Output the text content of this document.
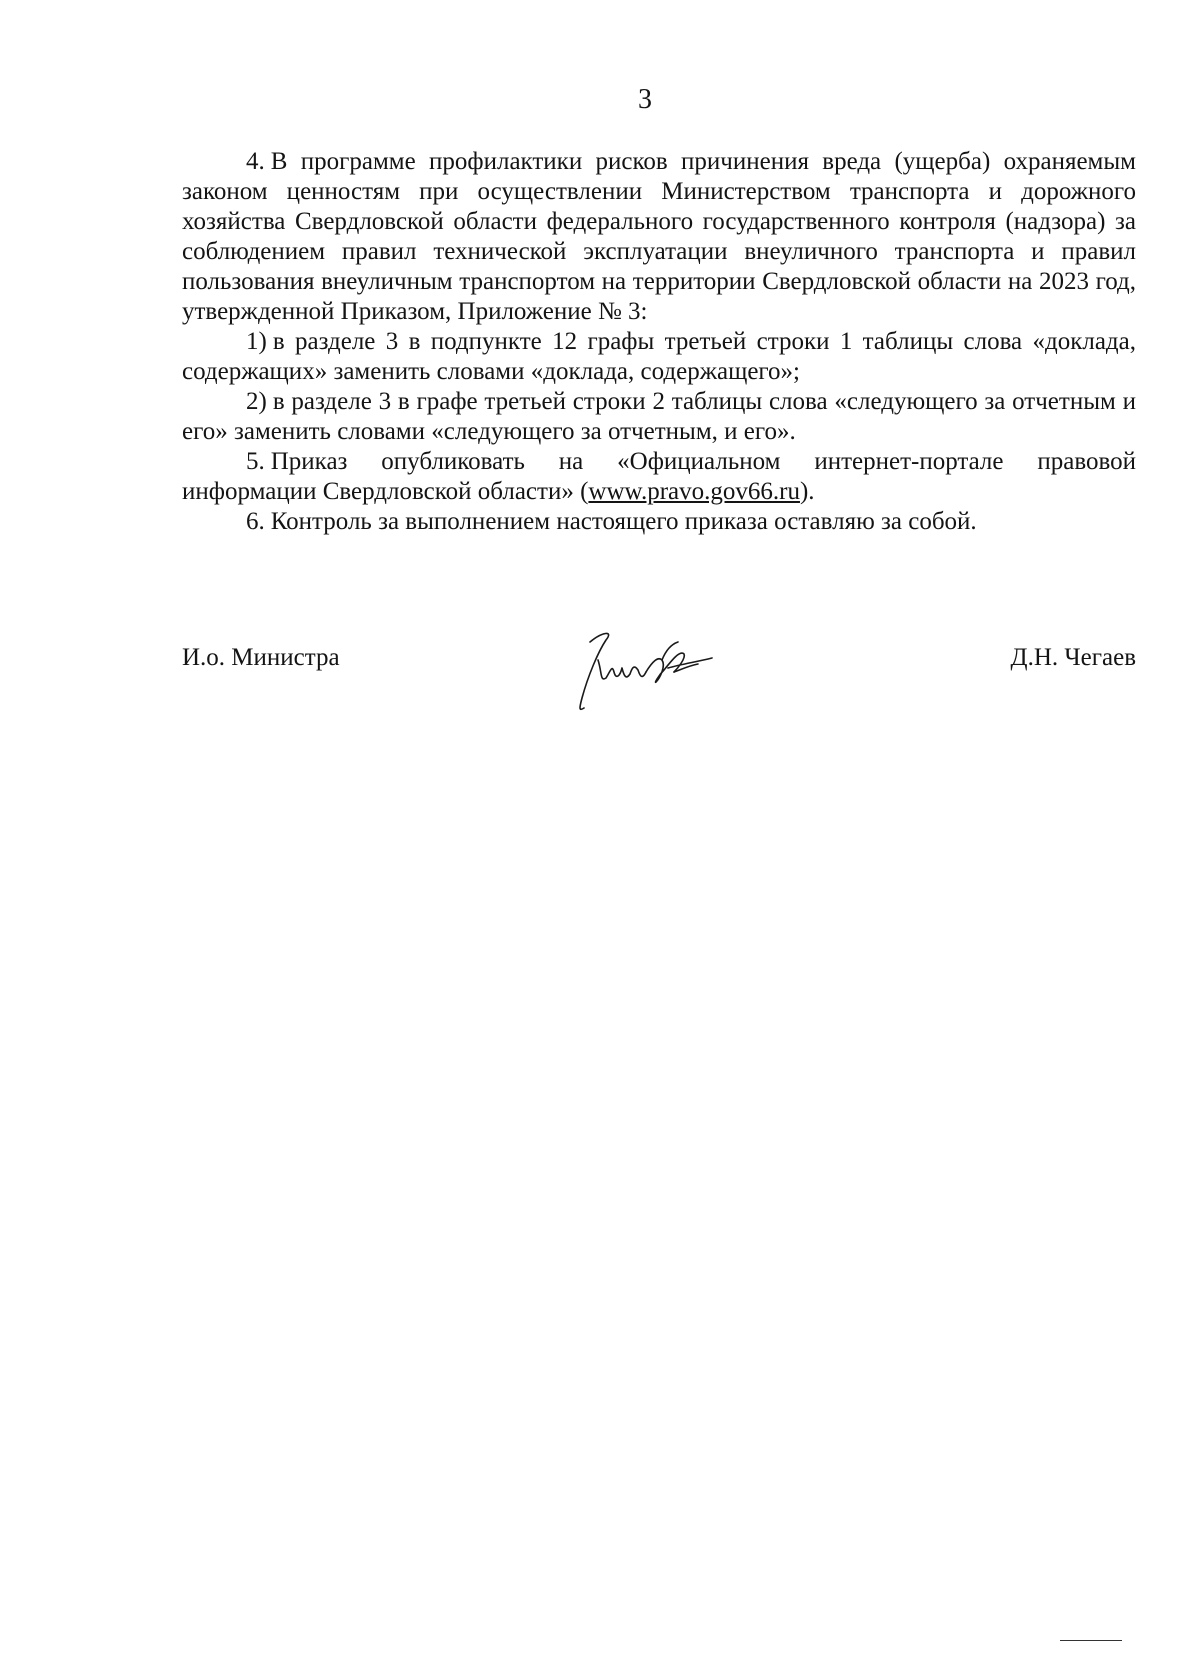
3

4. В программе профилактики рисков причинения вреда (ущерба) охраняемым законом ценностям при осуществлении Министерством транспорта и дорожного хозяйства Свердловской области федерального государственного контроля (надзора) за соблюдением правил технической эксплуатации внеуличного транспорта и правил пользования внеуличным транспортом на территории Свердловской области на 2023 год, утвержденной Приказом, Приложение № 3:

1) в разделе 3 в подпункте 12 графы третьей строки 1 таблицы слова «доклада, содержащих» заменить словами «доклада, содержащего»;

2) в разделе 3 в графе третьей строки 2 таблицы слова «следующего за отчетным и его» заменить словами «следующего за отчетным, и его».

5. Приказ опубликовать на «Официальном интернет-портале правовой информации Свердловской области» (www.pravo.gov66.ru).

6. Контроль за выполнением настоящего приказа оставляю за собой.

И.о. Министра	Д.Н. Чегаев
